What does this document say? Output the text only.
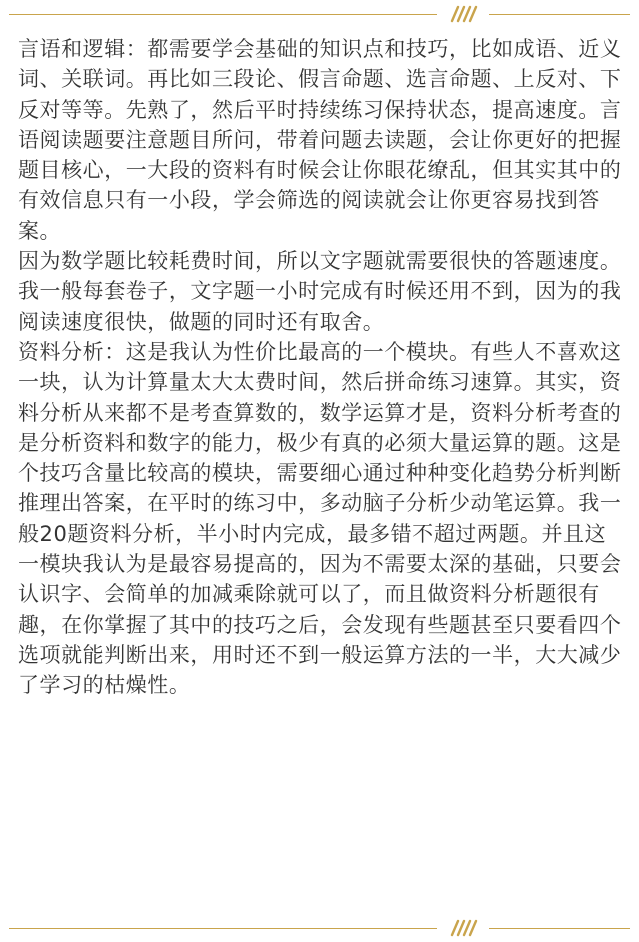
言语和逻辑：都需要学会基础的知识点和技巧，比如成语、近义词、关联词。再比如三段论、假言命题、选言命题、上反对、下反对等等。先熟了，然后平时持续练习保持状态，提高速度。言语阅读题要注意题目所问，带着问题去读题，会让你更好的把握题目核心，一大段的资料有时候会让你眼花缭乱，但其实其中的有效信息只有一小段，学会筛选的阅读就会让你更容易找到答案。

因为数学题比较耗费时间，所以文字题就需要很快的答题速度。我一般每套卷子，文字题一小时完成有时候还用不到，因为的我阅读速度很快，做题的同时还有取舍。

资料分析：这是我认为性价比最高的一个模块。有些人不喜欢这一块，认为计算量太大太费时间，然后拼命练习速算。其实，资料分析从来都不是考查算数的，数学运算才是，资料分析考查的是分析资料和数字的能力，极少有真的必须大量运算的题。这是个技巧含量比较高的模块，需要细心通过种种变化趋势分析判断推理出答案，在平时的练习中，多动脑子分析少动笔运算。我一般20题资料分析，半小时内完成，最多错不超过两题。并且这一模块我认为是最容易提高的，因为不需要太深的基础，只要会认识字、会简单的加减乘除就可以了，而且做资料分析题很有趣，在你掌握了其中的技巧之后，会发现有些题甚至只要看四个选项就能判断出来，用时还不到一般运算方法的一半，大大减少了学习的枯燥性。
